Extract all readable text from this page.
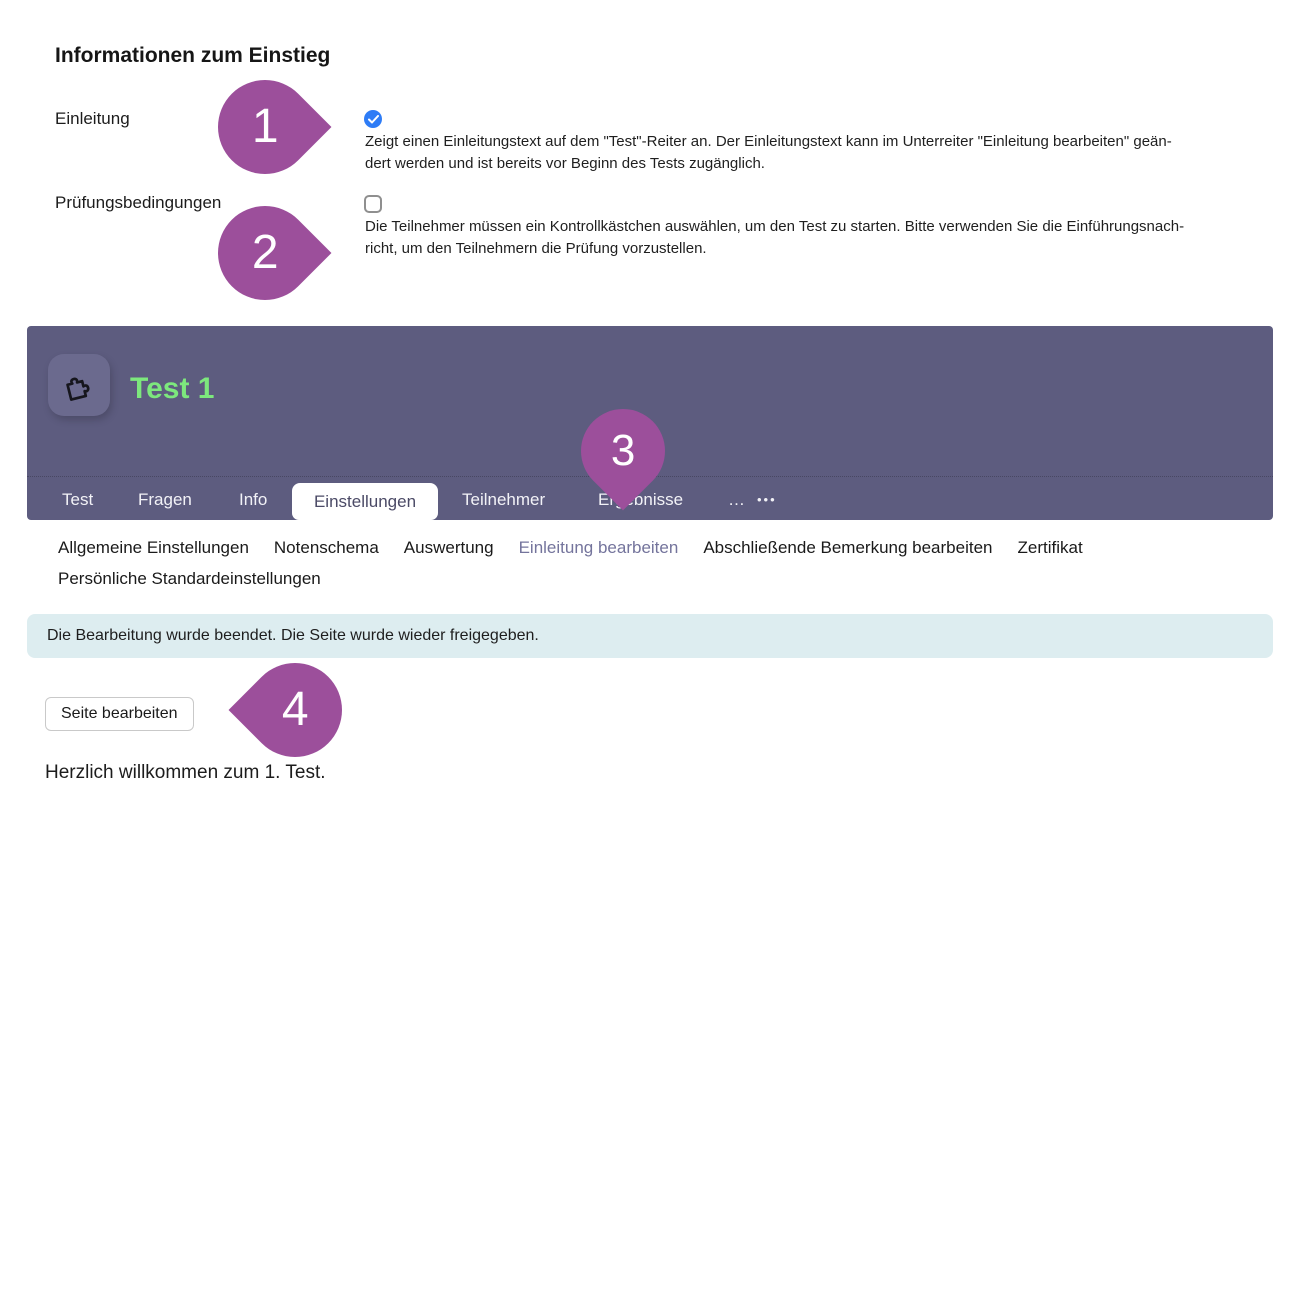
Informationen zum Einstieg
Einleitung
Zeigt einen Einleitungstext auf dem "Test"-Reiter an. Der Einleitungstext kann im Unterreiter "Einleitung bearbeiten" geän-
dert werden und ist bereits vor Beginn des Tests zugänglich.
Prüfungsbedingungen
Die Teilnehmer müssen ein Kontrollkästchen auswählen, um den Test zu starten. Bitte verwenden Sie die Einführungsnach-
richt, um den Teilnehmern die Prüfung vorzustellen.
1
2
3
4
Test 1
Test	Fragen	Info	Einstellungen	Teilnehmer	Ergebnisse	… •••
Allgemeine Einstellungen Notenschema Auswertung Einleitung bearbeiten Abschließende Bemerkung bearbeiten Zertifikat
Persönliche Standardeinstellungen
Die Bearbeitung wurde beendet. Die Seite wurde wieder freigegeben.
Seite bearbeiten
Herzlich willkommen zum 1. Test.
